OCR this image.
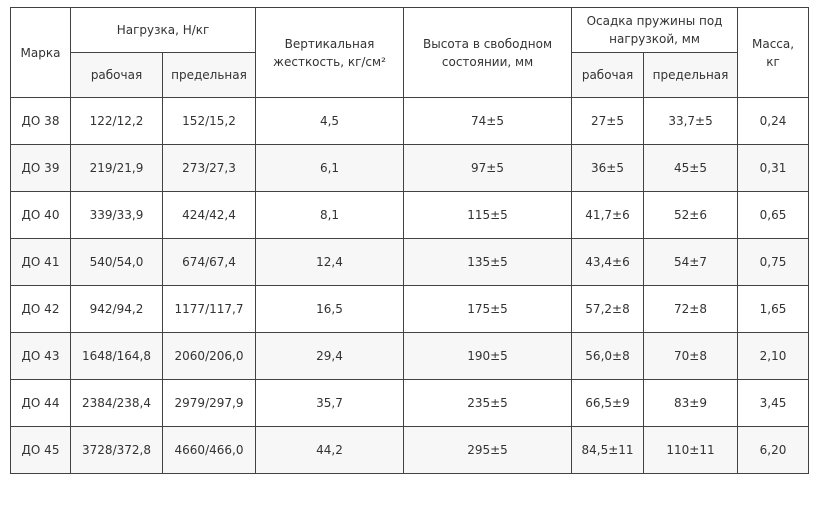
Марка	Нагрузка, Н/кг		Вертикальная жесткость, кг/см²	Высота в свободном состоянии, мм	Осадка пружины под нагрузкой, мм		Масса, кг
	рабочая	предельная			рабочая	предельная	
ДО 38	122/12,2	152/15,2	4,5	74±5	27±5	33,7±5	0,24
ДО 39	219/21,9	273/27,3	6,1	97±5	36±5	45±5	0,31
ДО 40	339/33,9	424/42,4	8,1	115±5	41,7±6	52±6	0,65
ДО 41	540/54,0	674/67,4	12,4	135±5	43,4±6	54±7	0,75
ДО 42	942/94,2	1177/117,7	16,5	175±5	57,2±8	72±8	1,65
ДО 43	1648/164,8	2060/206,0	29,4	190±5	56,0±8	70±8	2,10
ДО 44	2384/238,4	2979/297,9	35,7	235±5	66,5±9	83±9	3,45
ДО 45	3728/372,8	4660/466,0	44,2	295±5	84,5±11	110±11	6,20
